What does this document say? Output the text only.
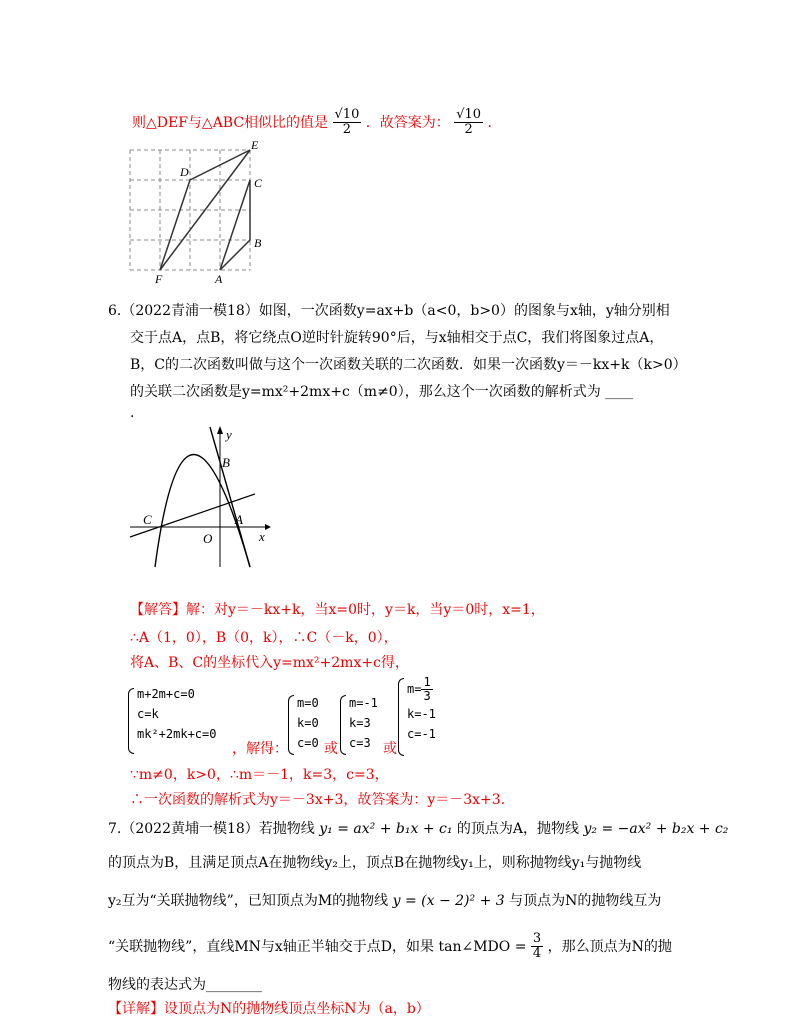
则△DEF与△ABC相似比的值是 $\frac{√10}{2}$ ．故答案为： $\frac{√10}{2}$ ．
D
E
C
B
F	A
6.（2022青浦一模18）如图，一次函数y=ax+b（a<0，b>0）的图象与x轴，y轴分别相
交于点A，点B，将它绕点O逆时针旋转90°后，与x轴相交于点C，我们将图象过点A，
B，C的二次函数叫做与这个一次函数关联的二次函数．如果一次函数y＝－kx+k（k>0）
的关联二次函数是y=mx²+2mx+c（m≠0），那么这个一次函数的解析式为 ____
.
y
B
C	A
O	x
【解答】解：对y＝－kx+k，当x=0时，y＝k，当y＝0时，x=1，
∴A（1，0），B（0，k），∴C（－k，0），
将A、B、C的坐标代入y=mx²+2mx+c得，
m+2m+c=0
c=k
mk²+2mk+c=0
，解得：
m=0
k=0
c=0 或
m=-1
k=3
c=3 或
$m= \frac{1}{3}$
k=-1
c=-1
∵m≠0，k>0，∴m＝－1，k=3，c=3，
∴一次函数的解析式为y＝－3x+3，故答案为：y＝－3x+3．
7.（2022黄埔一模18）若抛物线 y₁ = ax² + b₁x + c₁ 的顶点为A，抛物线 y₂ = −ax² + b₂x + c₂
的顶点为B，且满足顶点A在抛物线y₂上，顶点B在抛物线y₁上，则称抛物线y₁与抛物线
y₂互为“关联抛物线”，已知顶点为M的抛物线 y = (x − 2)² + 3 与顶点为N的抛物线互为
“关联抛物线”，直线MN与x轴正半轴交于点D，如果 tan∠MDO = $\frac{3}{4}$ ，那么顶点为N的抛
物线的表达式为________
【详解】设顶点为N的抛物线顶点坐标N为（a，b）
